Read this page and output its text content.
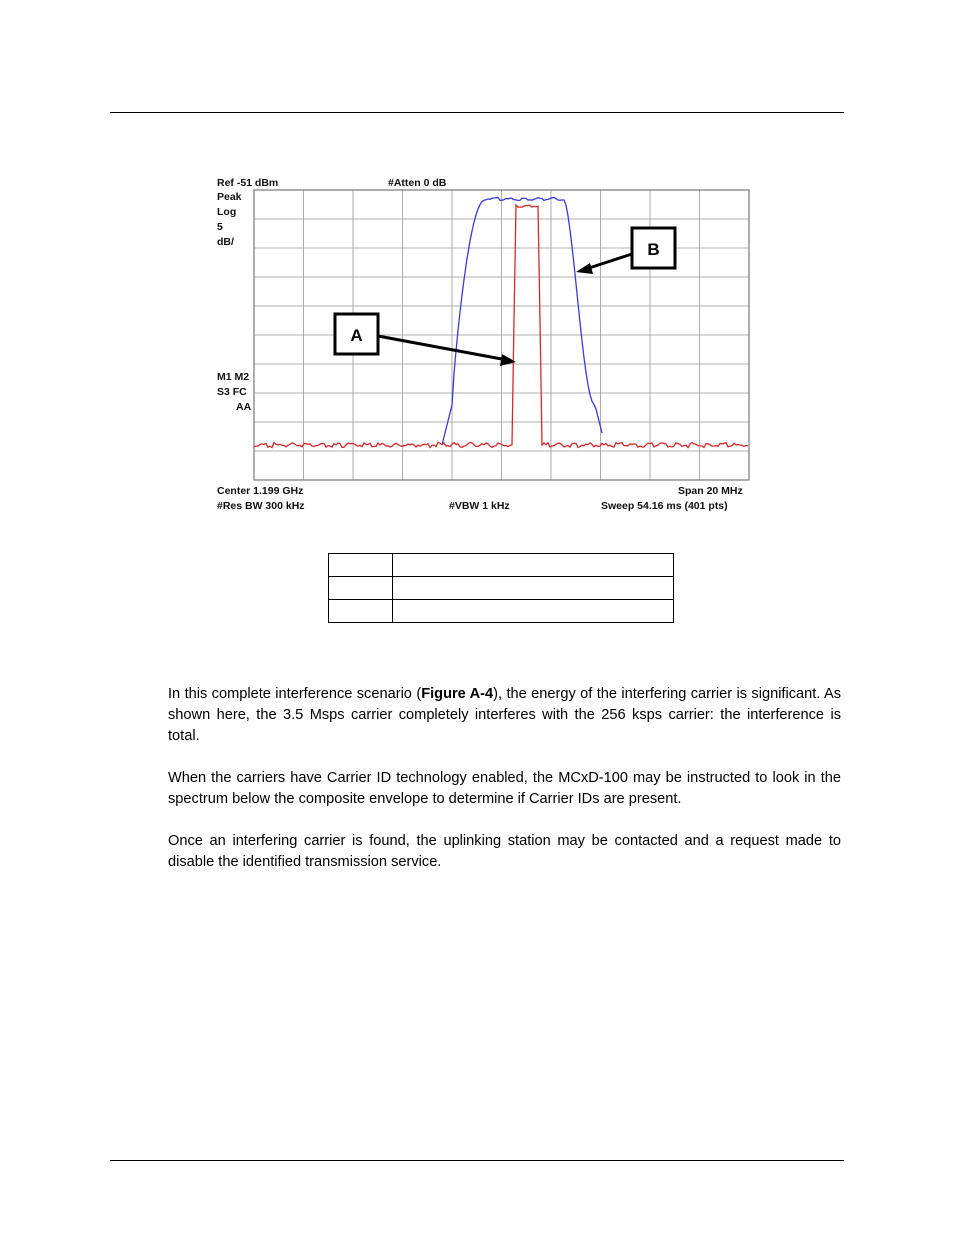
Ref -51 dBm	#Atten 0 dB
Peak
Log
5
dB/
M1 M2
S3 FC
AA
A
B
Center 1.199 GHz	Span 20 MHz
#Res BW 300 kHz	#VBW 1 kHz	Sweep 54.16 ms (401 pts)

In this complete interference scenario (Figure A-4), the energy of the interfering carrier is significant. As shown here, the 3.5 Msps carrier completely interferes with the 256 ksps carrier: the interference is total.

When the carriers have Carrier ID technology enabled, the MCxD-100 may be instructed to look in the spectrum below the composite envelope to determine if Carrier IDs are present.

Once an interfering carrier is found, the uplinking station may be contacted and a request made to disable the identified transmission service.
